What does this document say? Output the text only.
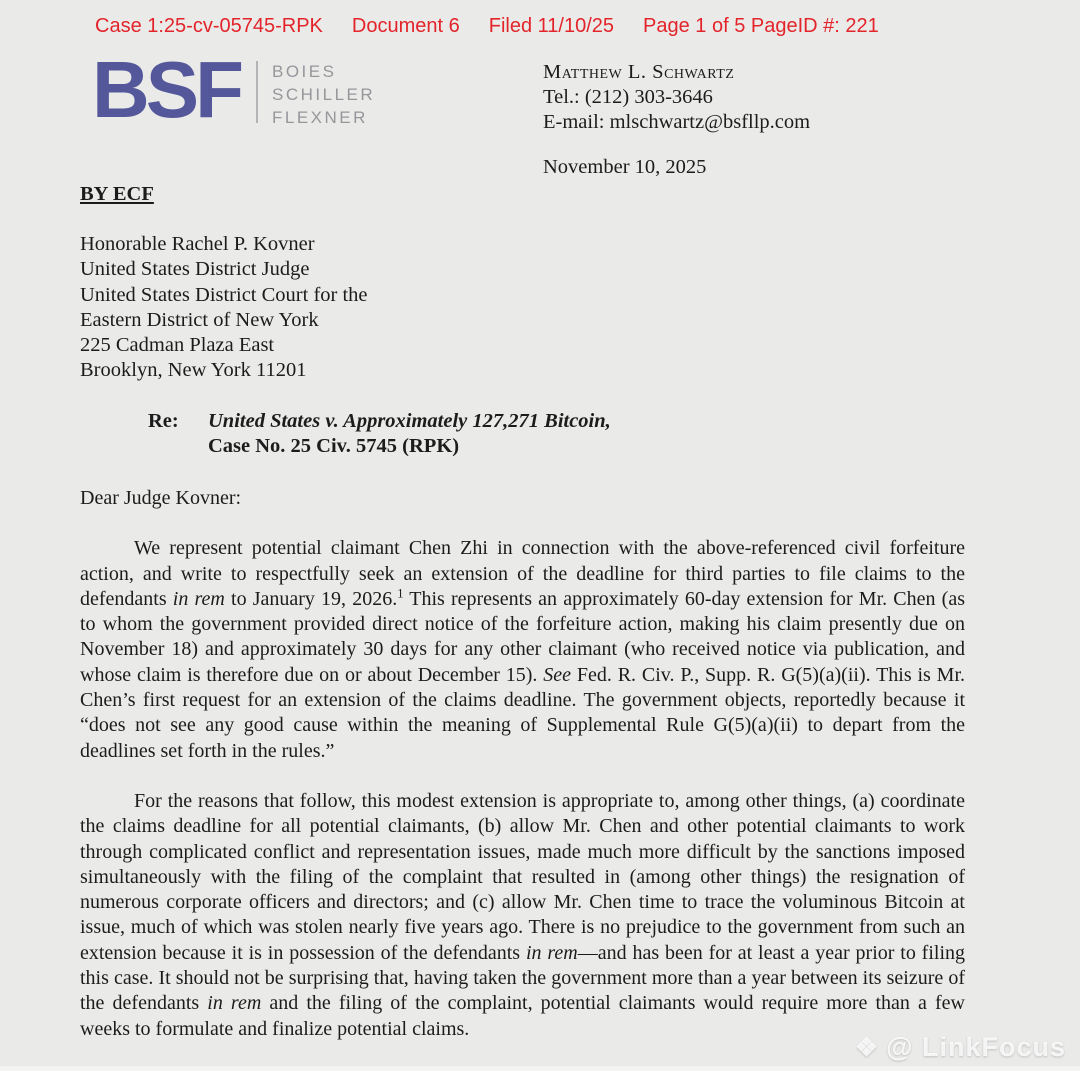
Case 1:25-cv-05745-RPK Document 6 Filed 11/10/25 Page 1 of 5 PageID #: 221
BSF BOIES
SCHILLER
FLEXNER
Matthew L. Schwartz
Tel.: (212) 303-3646
E-mail: mlschwartz@bsfllp.com
November 10, 2025
BY ECF
Honorable Rachel P. Kovner
United States District Judge
United States District Court for the
Eastern District of New York
225 Cadman Plaza East
Brooklyn, New York 11201
Re:	United States v. Approximately 127,271 Bitcoin,
Case No. 25 Civ. 5745 (RPK)
Dear Judge Kovner:

We represent potential claimant Chen Zhi in connection with the above-referenced civil forfeiture action, and write to respectfully seek an extension of the deadline for third parties to file claims to the defendants in rem to January 19, 2026.$^1$ This represents an approximately 60-day extension for Mr. Chen (as to whom the government provided direct notice of the forfeiture action, making his claim presently due on November 18) and approximately 30 days for any other claimant (who received notice via publication, and whose claim is therefore due on or about December 15). See Fed. R. Civ. P., Supp. R. G(5)(a)(ii). This is Mr. Chen’s first request for an extension of the claims deadline. The government objects, reportedly because it “does not see any good cause within the meaning of Supplemental Rule G(5)(a)(ii) to depart from the deadlines set forth in the rules.”

For the reasons that follow, this modest extension is appropriate to, among other things, (a) coordinate the claims deadline for all potential claimants, (b) allow Mr. Chen and other potential claimants to work through complicated conflict and representation issues, made much more difficult by the sanctions imposed simultaneously with the filing of the complaint that resulted in (among other things) the resignation of numerous corporate officers and directors; and (c) allow Mr. Chen time to trace the voluminous Bitcoin at issue, much of which was stolen nearly five years ago. There is no prejudice to the government from such an extension because it is in possession of the defendants in rem—and has been for at least a year prior to filing this case. It should not be surprising that, having taken the government more than a year between its seizure of the defendants in rem and the filing of the complaint, potential claimants would require more than a few weeks to formulate and finalize potential claims.

❖ @ LinkFocus
